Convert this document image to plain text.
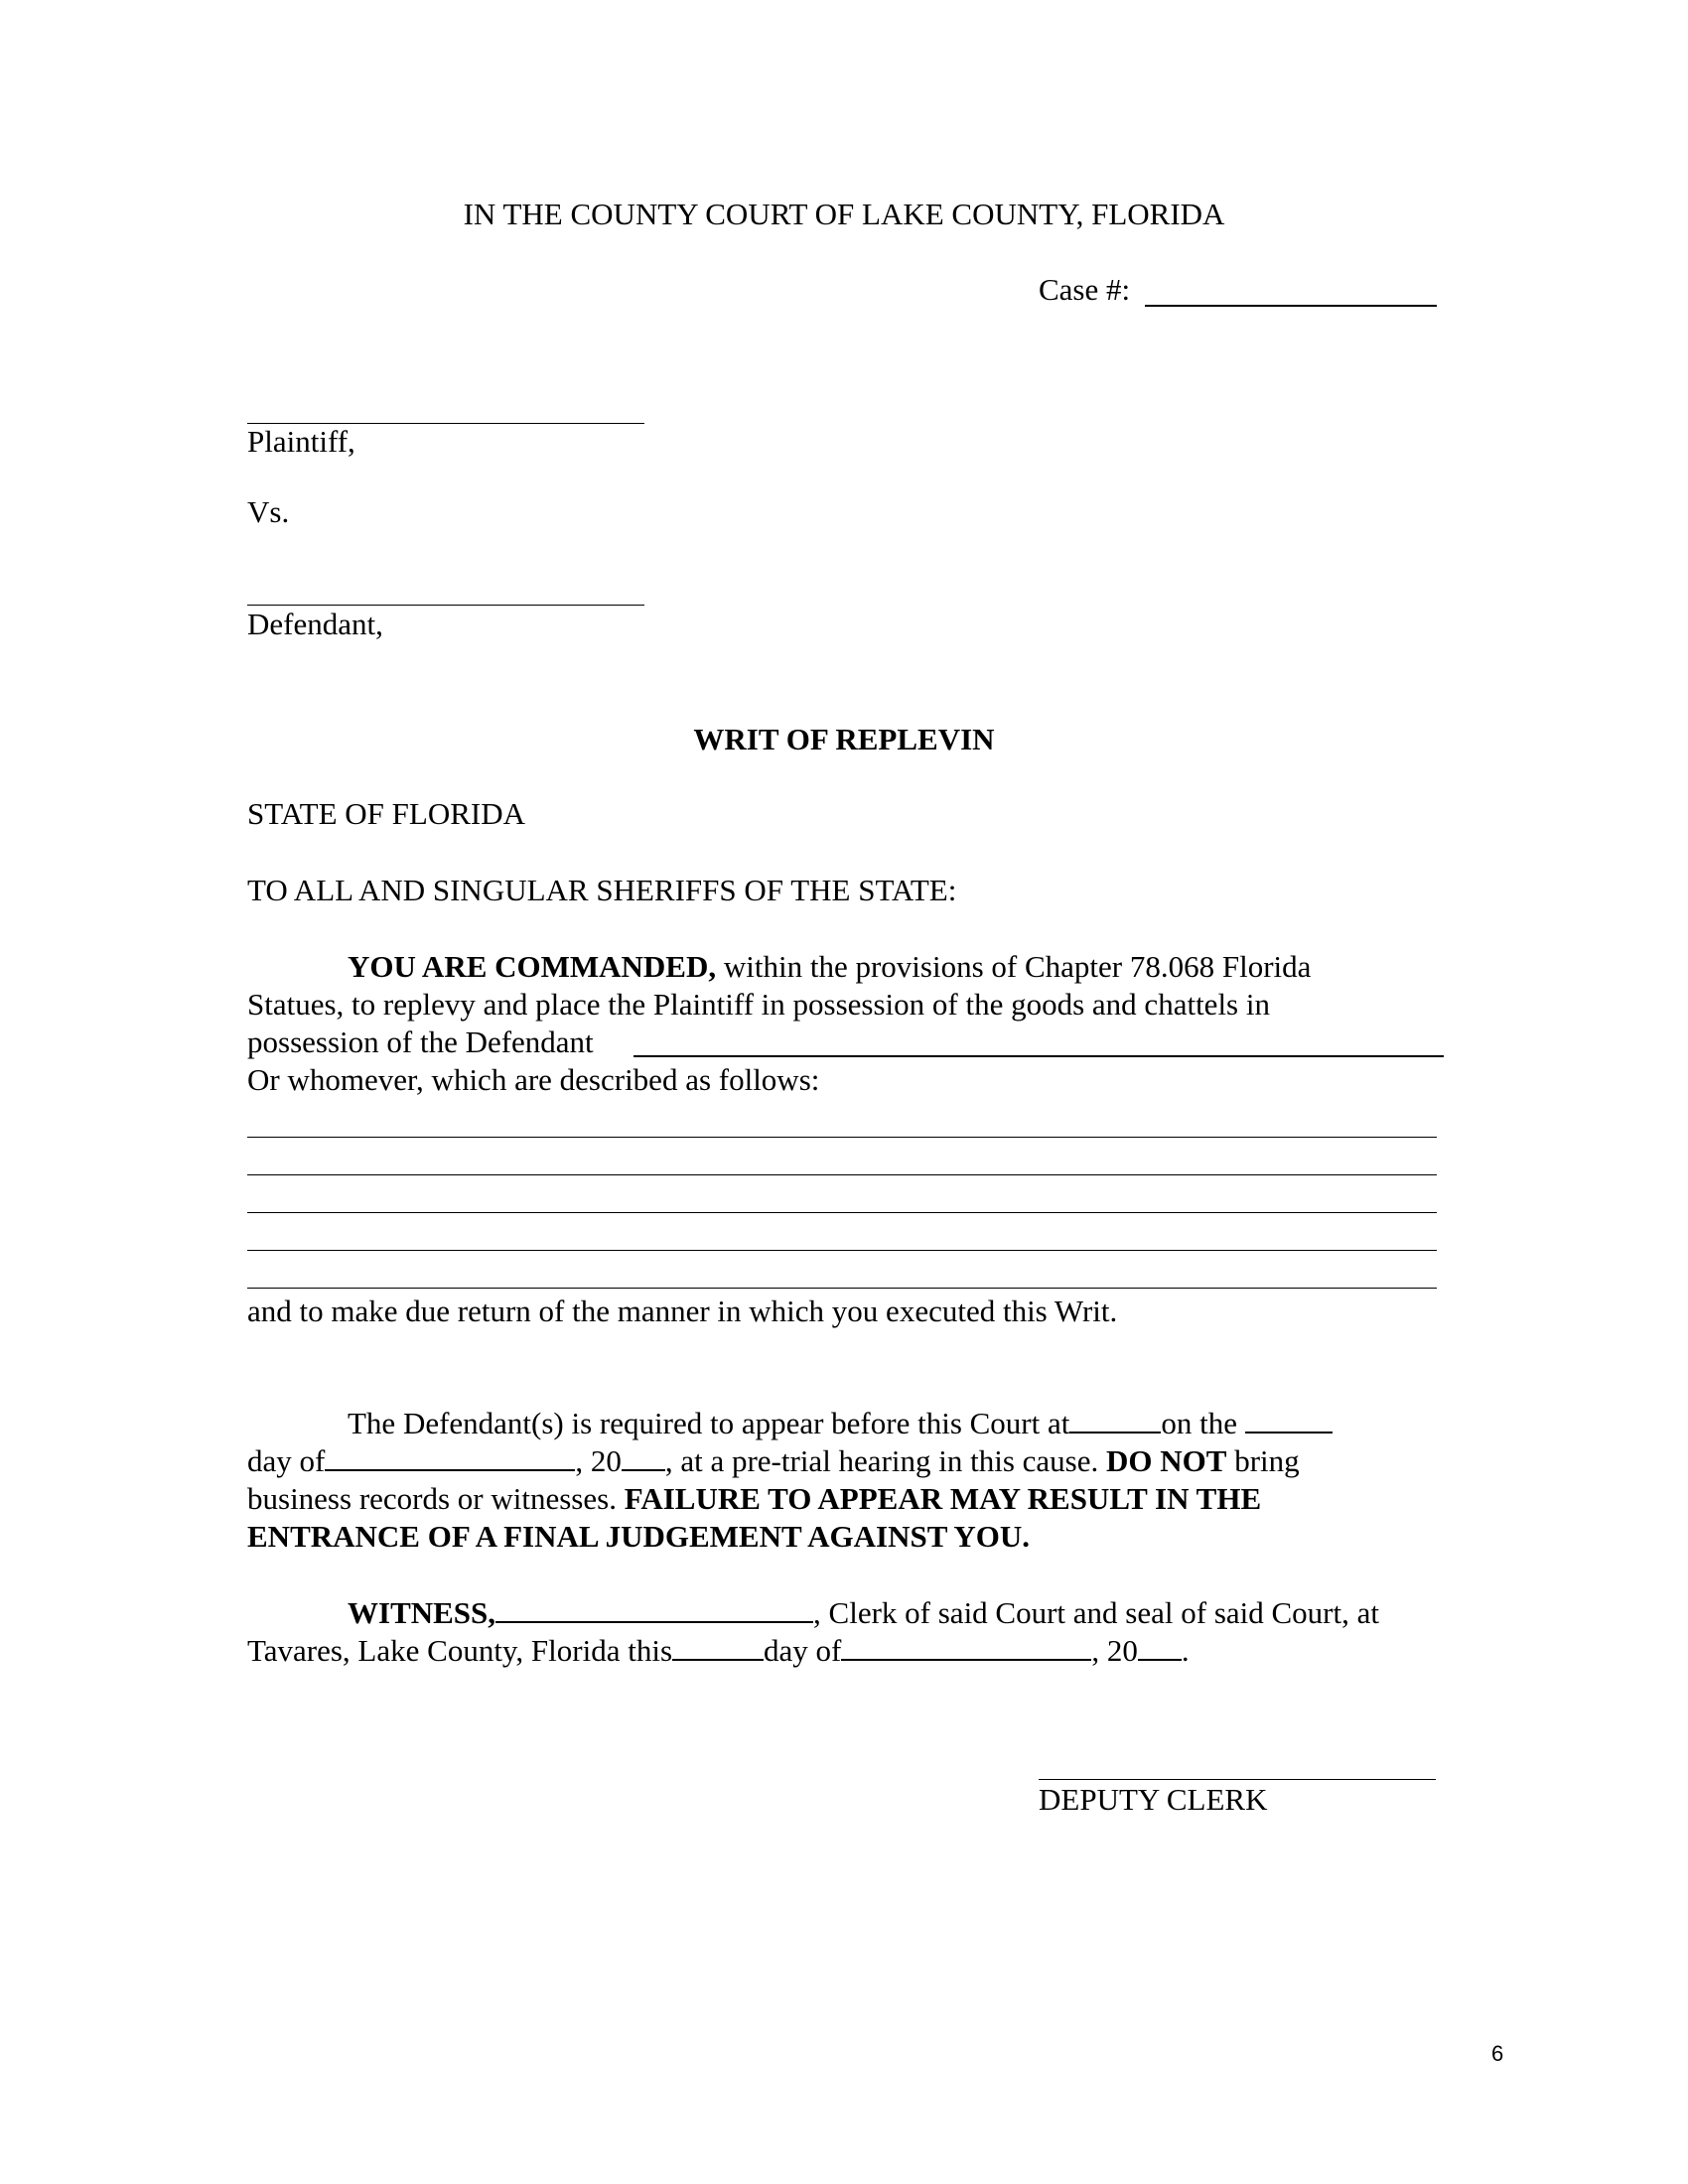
IN THE COUNTY COURT OF LAKE COUNTY, FLORIDA
Case #:
Plaintiff,
Vs.
Defendant,
WRIT OF REPLEVIN
STATE OF FLORIDA
TO ALL AND SINGULAR SHERIFFS OF THE STATE:
YOU ARE COMMANDED, within the provisions of Chapter 78.068 Florida
Statues, to replevy and place the Plaintiff in possession of the goods and chattels in
possession of the Defendant
Or whomever, which are described as follows:
and to make due return of the manner in which you executed this Writ.
The Defendant(s) is required to appear before this Court at	on the
day of	, 20 , at a pre-trial hearing in this cause. DO NOT bring
business records or witnesses. FAILURE TO APPEAR MAY RESULT IN THE
ENTRANCE OF A FINAL JUDGEMENT AGAINST YOU.
WITNESS,	, Clerk of said Court and seal of said Court, at
Tavares, Lake County, Florida this	day of	, 20 .
DEPUTY CLERK
6
